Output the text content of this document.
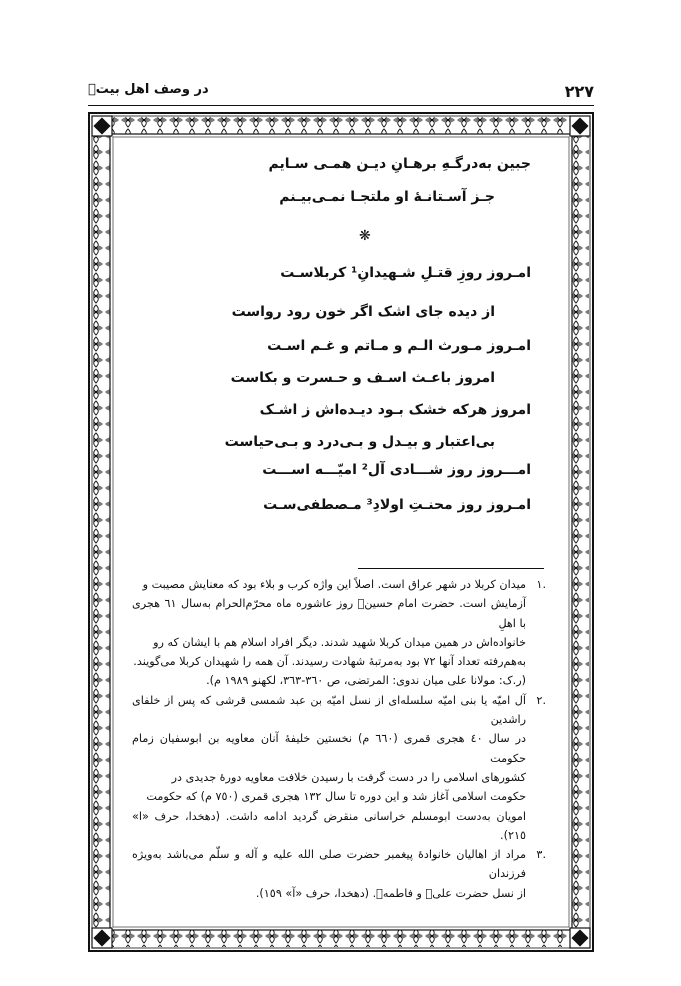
۲۲۷
در وصف اهل بیتؑ
جبین به‌درگـهِ برهـانِ دیـن همـی سـایم
جـز آسـتانـهٔ او ملتجـا نمـی‌بیـنم
❋
امـروز روزِ قتـلِ شـهیدانِ¹ کربلاسـت
از دیده جای اشک اگر خون رود رواست
امـروز مـورث الـم و مـاتم و غـم اسـت
امروز باعـث اسـف و حـسرت و بکاست
امروز هرکه خشک بـود دیـده‌اش ز اشـک
بی‌اعتبار و بیـدل و بـی‌درد و بـی‌حیاست
امـــروز روز شـــادی آل² امیّـــه اســـت
امـروز روز محنـتِ اولادِ³ مـصطفی‌سـت
.۱

میدان کربلا در شهر عراق است. اصلاً این واژه کرب و بلاء بود که معنایش مصیبت و

آزمایش است. حضرت امام حسینؑ روز عاشوره ماه محرّم‌الحرام به‌سال ٦١ هجری با اهلِ

خانواده‌اش در همین میدان کربلا شهید شدند. دیگر افراد اسلام هم با ایشان که رو

به‌هم‌رفته تعداد آنها ٧٢ بود به‌مرتبهٔ شهادت رسیدند. آن همه را شهیدان کربلا می‌گویند.

(ر.ک: مولانا علی میان ندوی: المرتضی، ص ٣٦٠-٣٦٣، لکهنو ١٩٨٩ م).

.۲

آل امیّه یا بنی امیّه سلسله‌ای از نسل امیّه بن عبد شمسی قرشی که پس از خلفای راشدین

در سال ٤٠ هجری قمری (٦٦٠ م) نخستین خلیفهٔ آنان معاویه بن ابوسفیان زمام حکومت

کشورهای اسلامی را در دست گرفت با رسیدن خلافت معاویه دورهٔ جدیدی در

حکومت اسلامی آغاز شد و این دوره تا سال ١٣٢ هجری قمری (٧٥٠ م) که حکومت

امویان به‌دست ابومسلم خراسانی منقرض گردید ادامه داشت. (دهخدا، حرف «ا» ٢١٥).

.۳

مراد از اهالیان خانوادهٔ پیغمبر حضرت صلی الله علیه و آله و سلّم می‌باشد به‌ویژه فرزندان

از نسل حضرت علیؑ و فاطمهؑ. (دهخدا، حرف «آ» ١٥٩).
